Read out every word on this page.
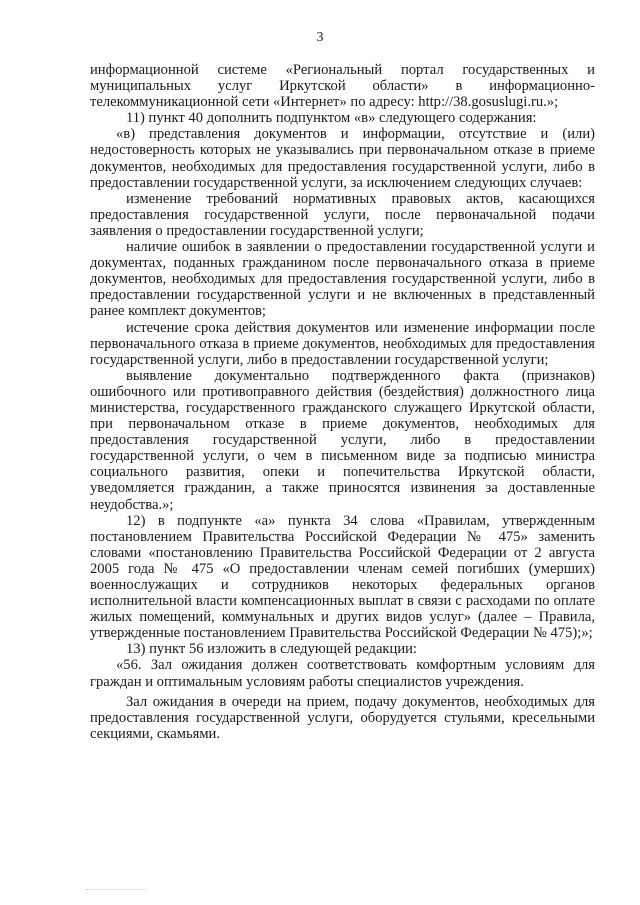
3

информационной системе «Региональный портал государственных и муниципальных услуг Иркутской области» в информационно-телекоммуникационной сети «Интернет» по адресу: http://38.gosuslugi.ru.»;

11) пункт 40 дополнить подпунктом «в» следующего содержания:

«в) представления документов и информации, отсутствие и (или) недостоверность которых не указывались при первоначальном отказе в приеме документов, необходимых для предоставления государственной услуги, либо в предоставлении государственной услуги, за исключением следующих случаев:

изменение требований нормативных правовых актов, касающихся предоставления государственной услуги, после первоначальной подачи заявления о предоставлении государственной услуги;

наличие ошибок в заявлении о предоставлении государственной услуги и документах, поданных гражданином после первоначального отказа в приеме документов, необходимых для предоставления государственной услуги, либо в предоставлении государственной услуги и не включенных в представленный ранее комплект документов;

истечение срока действия документов или изменение информации после первоначального отказа в приеме документов, необходимых для предоставления государственной услуги, либо в предоставлении государственной услуги;

выявление документально подтвержденного факта (признаков) ошибочного или противоправного действия (бездействия) должностного лица министерства, государственного гражданского служащего Иркутской области, при первоначальном отказе в приеме документов, необходимых для предоставления государственной услуги, либо в предоставлении государственной услуги, о чем в письменном виде за подписью министра социального развития, опеки и попечительства Иркутской области, уведомляется гражданин, а также приносятся извинения за доставленные неудобства.»;

12) в подпункте «а» пункта 34 слова «Правилам, утвержденным постановлением Правительства Российской Федерации № 475» заменить словами «постановлению Правительства Российской Федерации от 2 августа 2005 года № 475 «О предоставлении членам семей погибших (умерших) военнослужащих и сотрудников некоторых федеральных органов исполнительной власти компенсационных выплат в связи с расходами по оплате жилых помещений, коммунальных и других видов услуг» (далее – Правила, утвержденные постановлением Правительства Российской Федерации № 475);»;

13) пункт 56 изложить в следующей редакции:

«56. Зал ожидания должен соответствовать комфортным условиям для граждан и оптимальным условиям работы специалистов учреждения.

Зал ожидания в очереди на прием, подачу документов, необходимых для предоставления государственной услуги, оборудуется стульями, кресельными секциями, скамьями.
